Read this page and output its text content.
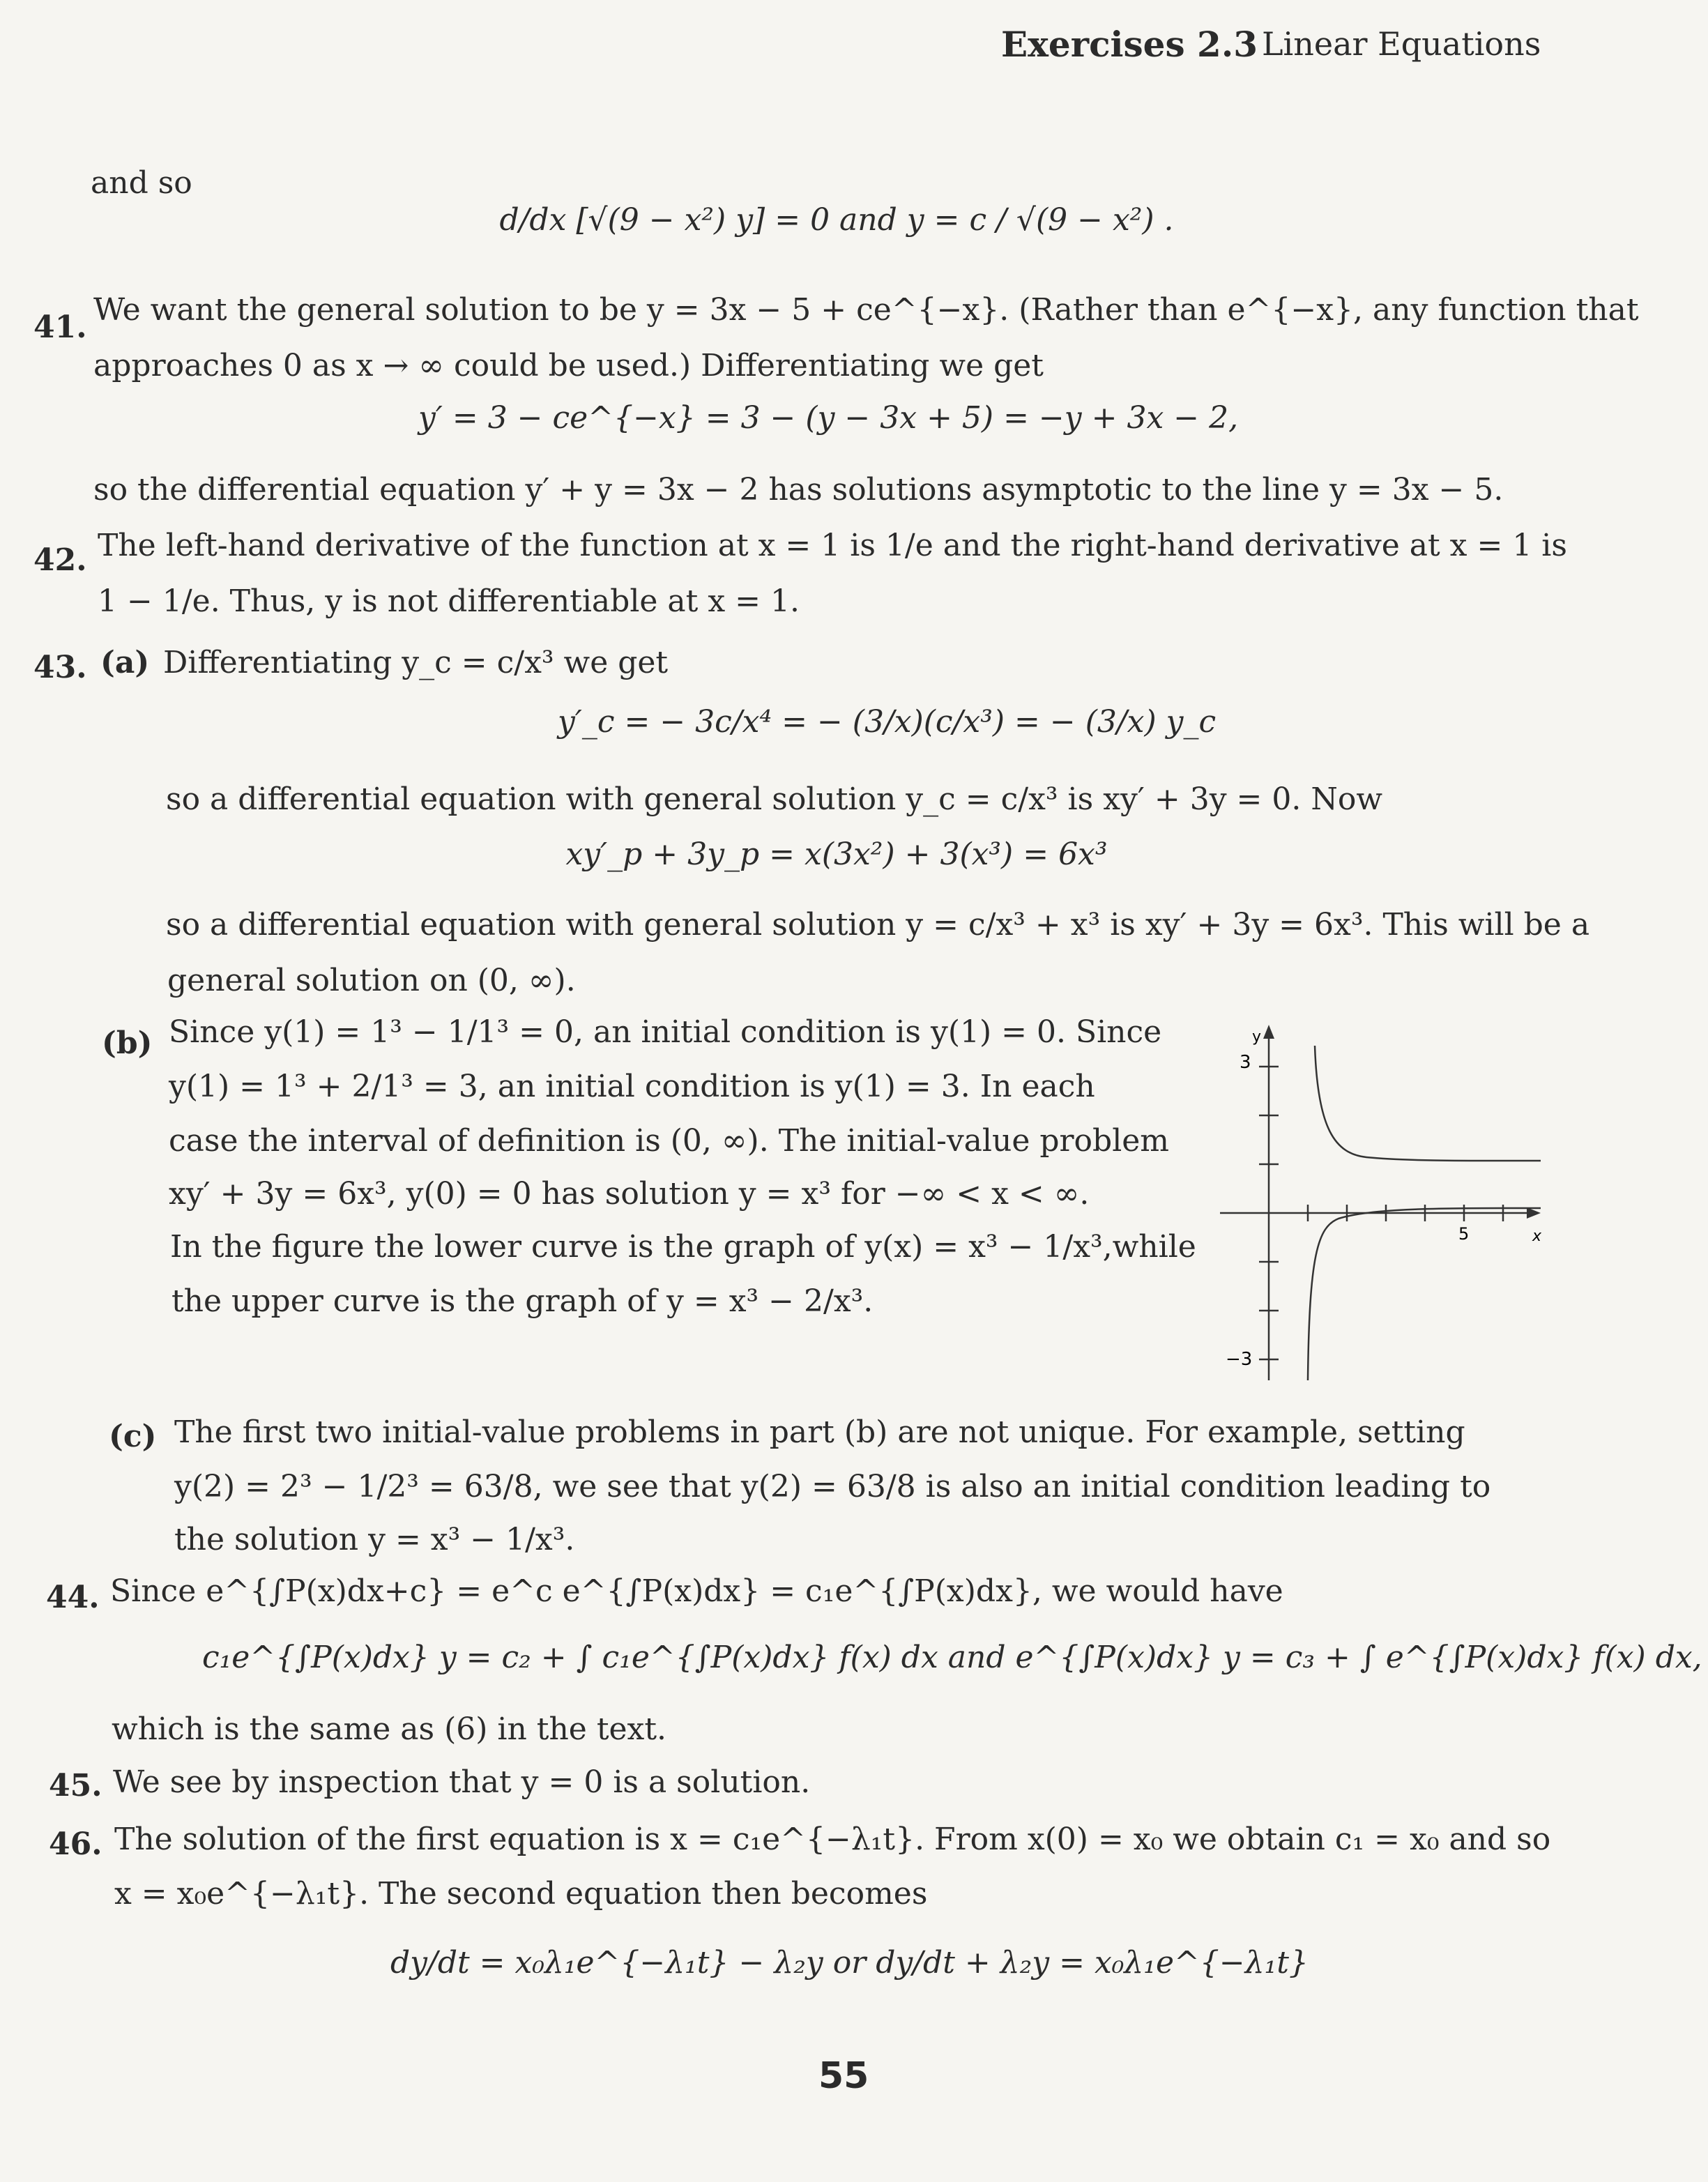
Exercises 2.3 Linear Equations
and so
d/dx [√(9 − x²) y] = 0 and y = c / √(9 − x²) .
41. We want the general solution to be y = 3x − 5 + ce^{−x}. (Rather than e^{−x}, any function that
approaches 0 as x → ∞ could be used.) Differentiating we get
y′ = 3 − ce^{−x} = 3 − (y − 3x + 5) = −y + 3x − 2,
so the differential equation y′ + y = 3x − 2 has solutions asymptotic to the line y = 3x − 5.
42. The left-hand derivative of the function at x = 1 is 1/e and the right-hand derivative at x = 1 is
1 − 1/e. Thus, y is not differentiable at x = 1.
43. (a) Differentiating y_c = c/x³ we get
y′_c = − 3c/x⁴ = − (3/x)(c/x³) = − (3/x) y_c
so a differential equation with general solution y_c = c/x³ is xy′ + 3y = 0. Now
xy′_p + 3y_p = x(3x²) + 3(x³) = 6x³
so a differential equation with general solution y = c/x³ + x³ is xy′ + 3y = 6x³. This will be a
general solution on (0, ∞).
(b) Since y(1) = 1³ − 1/1³ = 0, an initial condition is y(1) = 0. Since
y(1) = 1³ + 2/1³ = 3, an initial condition is y(1) = 3. In each
case the interval of definition is (0, ∞). The initial-value problem
xy′ + 3y = 6x³, y(0) = 0 has solution y = x³ for −∞ < x < ∞.
In the figure the lower curve is the graph of y(x) = x³ − 1/x³,while
the upper curve is the graph of y = x³ − 2/x³.
y
x
3
−3
5
(c) The first two initial-value problems in part (b) are not unique. For example, setting
y(2) = 2³ − 1/2³ = 63/8, we see that y(2) = 63/8 is also an initial condition leading to
the solution y = x³ − 1/x³.
44. Since e^{∫P(x)dx+c} = e^c e^{∫P(x)dx} = c₁e^{∫P(x)dx}, we would have
c₁e^{∫P(x)dx} y = c₂ + ∫ c₁e^{∫P(x)dx} f(x) dx and e^{∫P(x)dx} y = c₃ + ∫ e^{∫P(x)dx} f(x) dx,
which is the same as (6) in the text.
45. We see by inspection that y = 0 is a solution.
46. The solution of the first equation is x = c₁e^{−λ₁t}. From x(0) = x₀ we obtain c₁ = x₀ and so
x = x₀e^{−λ₁t}. The second equation then becomes
dy/dt = x₀λ₁e^{−λ₁t} − λ₂y or dy/dt + λ₂y = x₀λ₁e^{−λ₁t}
55
